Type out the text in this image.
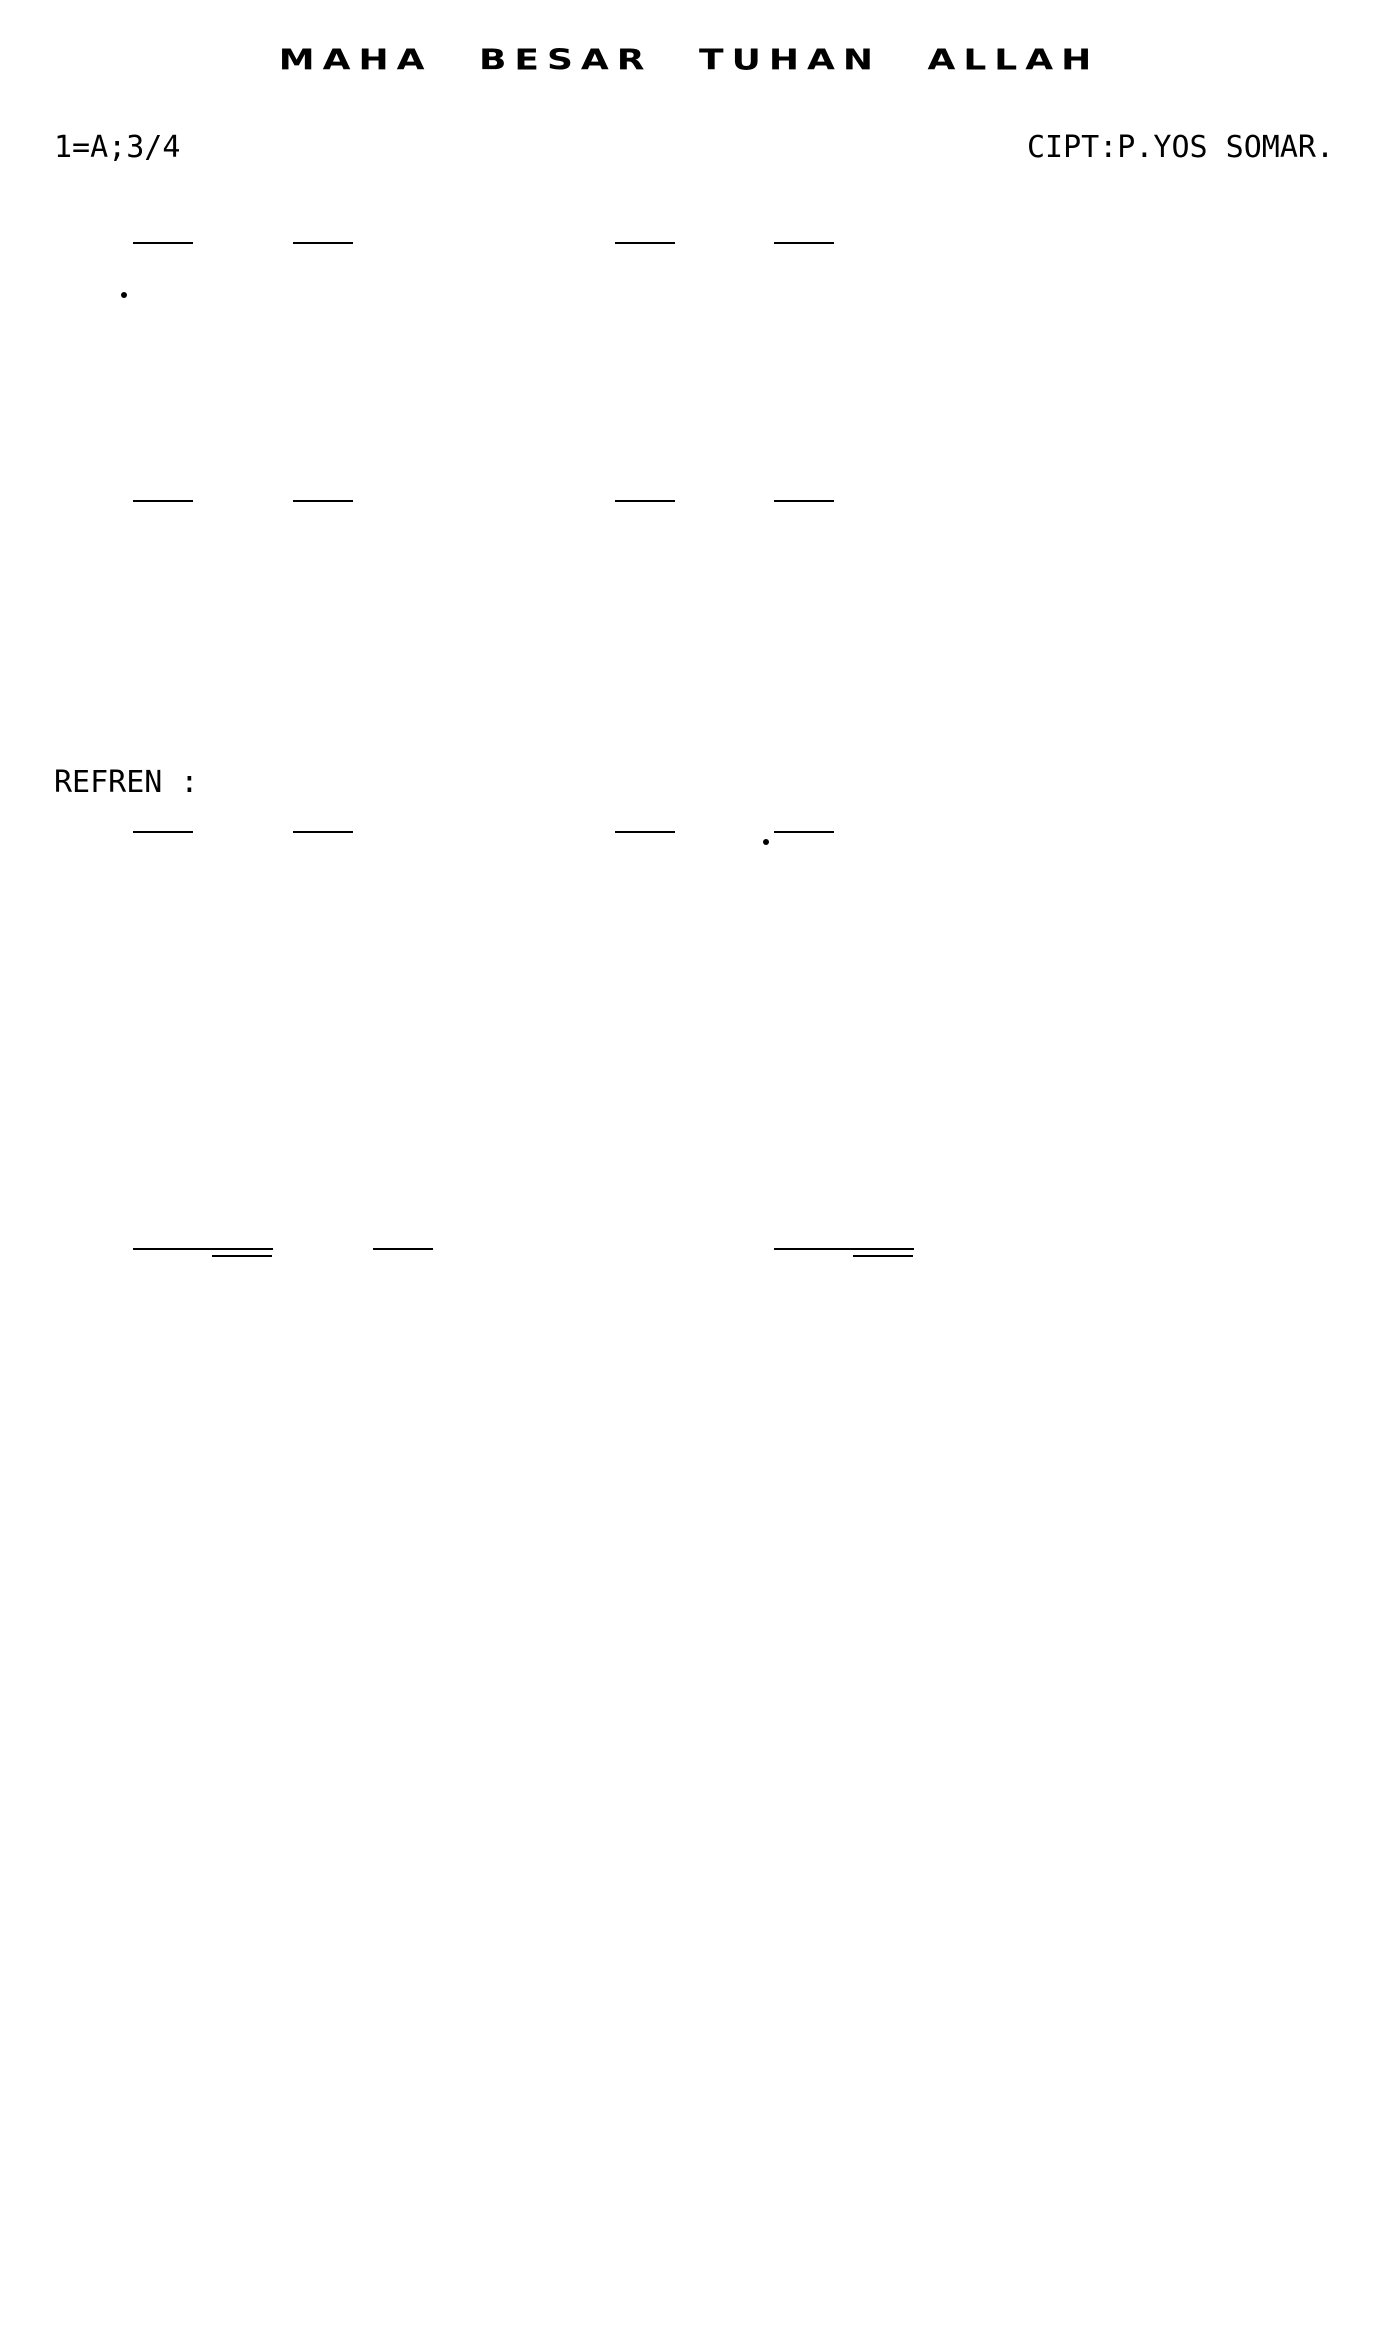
MAHA BESAR TUHAN ALLAH
1=A;3/4	CIPT:P.YOS SOMAR.
REFREN :
